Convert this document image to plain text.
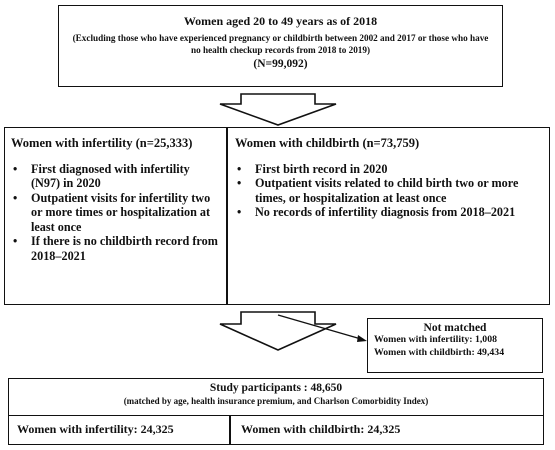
Women aged 20 to 49 years as of 2018
(Excluding those who have experienced pregnancy or childbirth between 2002 and 2017 or those who have no health checkup records from 2018 to 2019)
(N=99,092)
Women with infertility (n=25,333)
• First diagnosed with infertility (N97) in 2020
• Outpatient visits for infertility two or more times or hospitalization at least once
• If there is no childbirth record from 2018–2021
Women with childbirth (n=73,759)
• First birth record in 2020
• Outpatient visits related to child birth two or more times, or hospitalization at least once
• No records of infertility diagnosis from 2018–2021
Not matched
Women with infertility: 1,008
Women with childbirth: 49,434
Study participants : 48,650
(matched by age, health insurance premium, and Charlson Comorbidity Index)
Women with infertility: 24,325	Women with childbirth: 24,325
